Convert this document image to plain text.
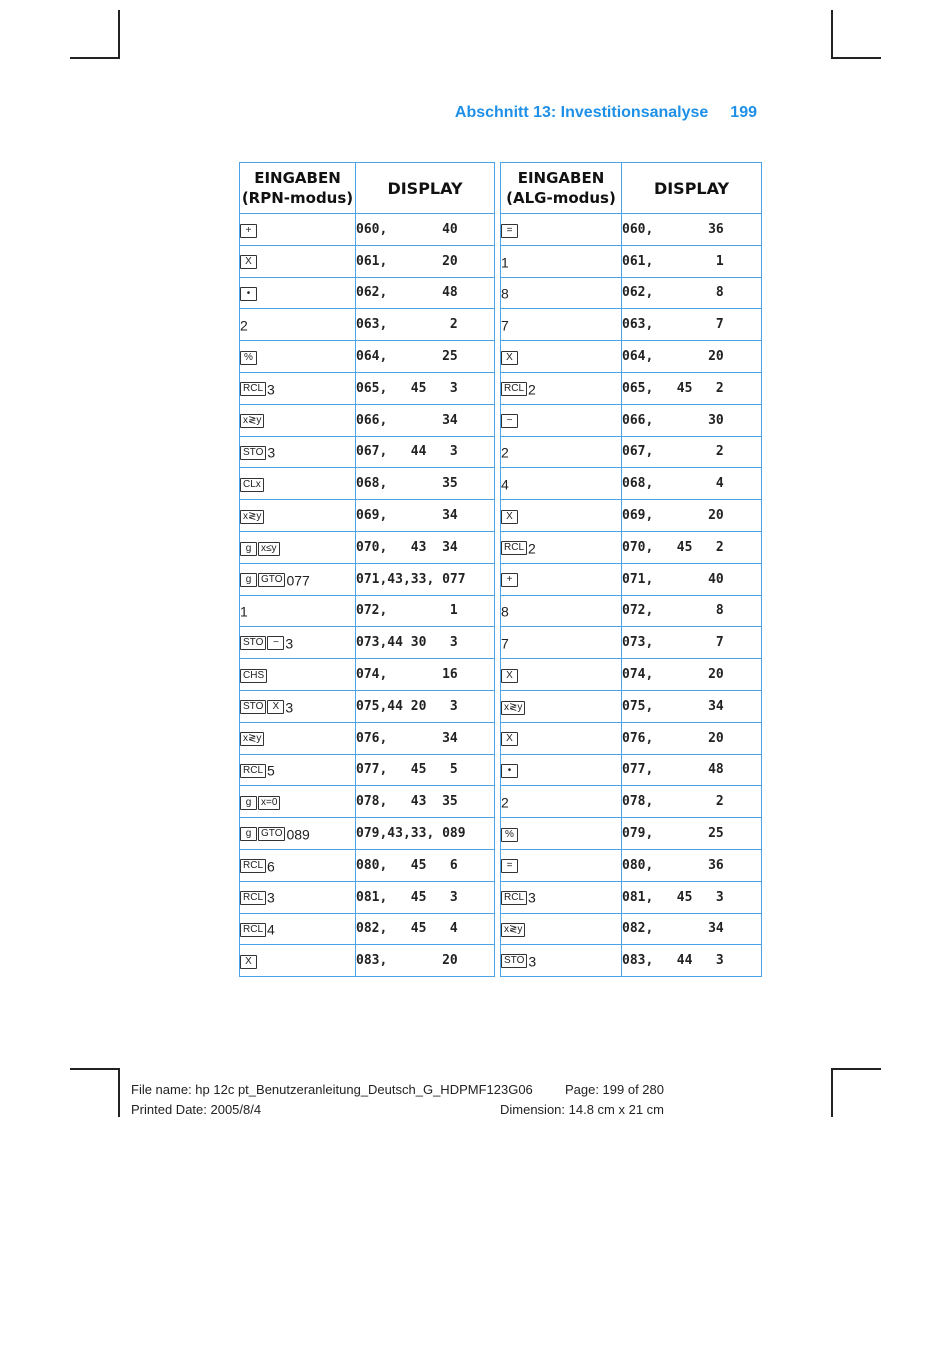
Abschnitt 13: Investitionsanalyse 199
EINGABEN
(RPN-modus)	DISPLAY
+	060,       40
X	061,       20
•	062,       48
2	063,        2
%	064,       25
RCL 3	065,   45   3
x≷y	066,       34
STO 3	067,   44   3
CLx	068,       35
x≷y	069,       34
g x≤y	070,   43  34
g GTO 077	071,43,33, 077
1	072,        1
STO − 3	073,44 30   3
CHS	074,       16
STO X 3	075,44 20   3
x≷y	076,       34
RCL 5	077,   45   5
g x=0	078,   43  35
g GTO 089	079,43,33, 089
RCL 6	080,   45   6
RCL 3	081,   45   3
RCL 4	082,   45   4
X	083,       20
EINGABEN
(ALG-modus)	DISPLAY
=	060,       36
1	061,        1
8	062,        8
7	063,        7
X	064,       20
RCL 2	065,   45   2
−	066,       30
2	067,        2
4	068,        4
X	069,       20
RCL 2	070,   45   2
+	071,       40
8	072,        8
7	073,        7
X	074,       20
x≷y	075,       34
X	076,       20
•	077,       48
2	078,        2
%	079,       25
=	080,       36
RCL 3	081,   45   3
x≷y	082,       34
STO 3	083,   44   3
File name: hp 12c pt_Benutzeranleitung_Deutsch_G_HDPMF123G06 Page: 199 of 280
Printed Date: 2005/8/4	Dimension: 14.8 cm x 21 cm
